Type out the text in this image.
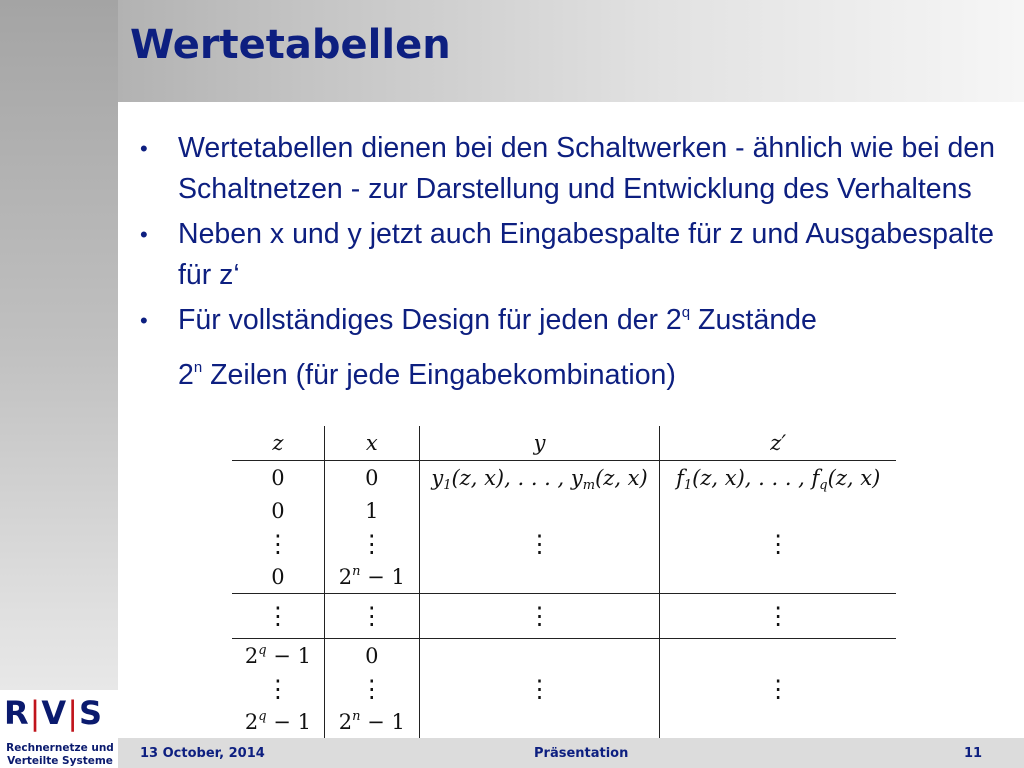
Wertetabellen
• Wertetabellen dienen bei den Schaltwerken - ähnlich wie bei den Schaltnetzen - zur Darstellung und Entwicklung des Verhaltens
• Neben x und y jetzt auch Eingabespalte für z und Ausgabespalte für z‘
• Für vollständiges Design für jeden der 2$^q$ Zustände
2$^n$ Zeilen (für jede Eingabekombination)
z	x	y	z′
0	0	$y_1(z$, x), . . . , $y_m(z$, x)	$f_1(z$, x), . . . , $f_q(z$, x)
0	1		
⋮	⋮	⋮	⋮
0	$2^n - 1$		
⋮	⋮	⋮	⋮
$2^q - 1$	0		
⋮	⋮	⋮	⋮
$2^q - 1$	$2^n - 1$		
R|V|S
Rechnernetze und
Verteilte Systeme 13 October, 2014	Präsentation	11
